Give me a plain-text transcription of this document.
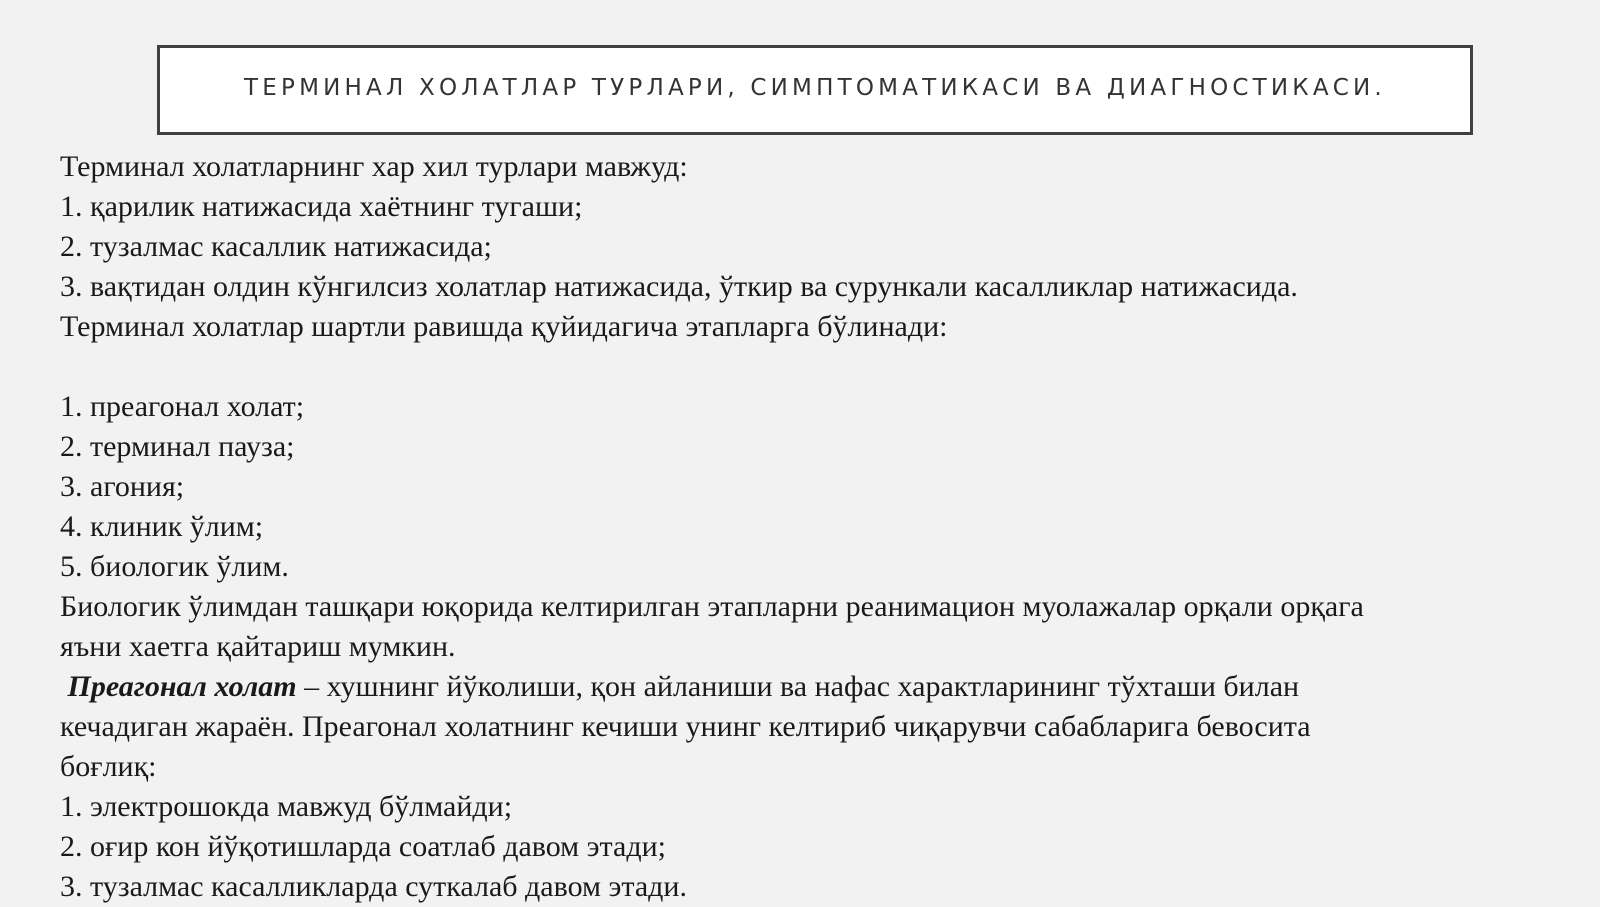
ТЕРМИНАЛ ХОЛАТЛАР ТУРЛАРИ, СИМПТОМАТИКАСИ ВА ДИАГНОСТИКАСИ.
Терминал холатларнинг хар хил турлари мавжуд:
1. қарилик натижасида хаётнинг тугаши;
2. тузалмас касаллик натижасида;
3. вақтидан олдин кўнгилсиз холатлар натижасида, ўткир ва сурункали касалликлар натижасида.
Терминал холатлар шартли равишда қуйидагича этапларга бўлинади:
1. преагонал холат;
2. терминал пауза;
3. агония;
4. клиник ўлим;
5. биологик ўлим.
Биологик ўлимдан ташқари юқорида келтирилган этапларни реанимацион муолажалар орқали орқага
яъни хаетга қайтариш мумкин.
Преагонал холат – хушнинг йўколиши, қон айланиши ва нафас характларининг тўхташи билан
кечадиган жараён. Преагонал холатнинг кечиши унинг келтириб чиқарувчи сабабларига бевосита
боғлиқ:
1. электрошокда мавжуд бўлмайди;
2. оғир кон йўқотишларда соатлаб давом этади;
3. тузалмас касалликларда суткалаб давом этади.
